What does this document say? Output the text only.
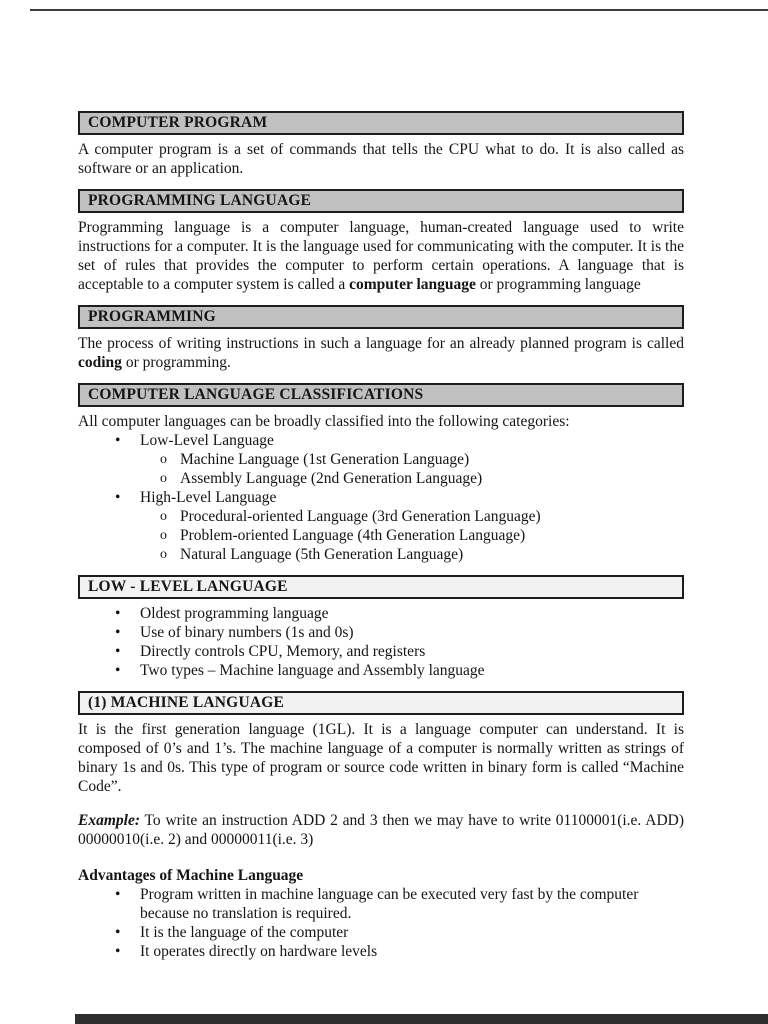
COMPUTER PROGRAM

A computer program is a set of commands that tells the CPU what to do. It is also called as software or an application.

PROGRAMMING LANGUAGE

Programming language is a computer language, human-created language used to write instructions for a computer. It is the language used for communicating with the computer. It is the set of rules that provides the computer to perform certain operations. A language that is acceptable to a computer system is called a computer language or programming language

PROGRAMMING

The process of writing instructions in such a language for an already planned program is called coding or programming.

COMPUTER LANGUAGE CLASSIFICATIONS

All computer languages can be broadly classified into the following categories:

•	Low-Level Language
o Machine Language (1st Generation Language)
o Assembly Language (2nd Generation Language)
•	High-Level Language
o Procedural-oriented Language (3rd Generation Language)
o Problem-oriented Language (4th Generation Language)
o Natural Language (5th Generation Language)
LOW - LEVEL LANGUAGE
•	Oldest programming language
•	Use of binary numbers (1s and 0s)
•	Directly controls CPU, Memory, and registers
•	Two types – Machine language and Assembly language
(1) MACHINE LANGUAGE

It is the first generation language (1GL). It is a language computer can understand. It is composed of 0’s and 1’s. The machine language of a computer is normally written as strings of binary 1s and 0s. This type of program or source code written in binary form is called “Machine Code”.

Example: To write an instruction ADD 2 and 3 then we may have to write 01100001(i.e. ADD) 00000010(i.e. 2) and 00000011(i.e. 3)

Advantages of Machine Language
•	Program written in machine language can be executed very fast by the computer because no translation is required.
•	It is the language of the computer
•	It operates directly on hardware levels
